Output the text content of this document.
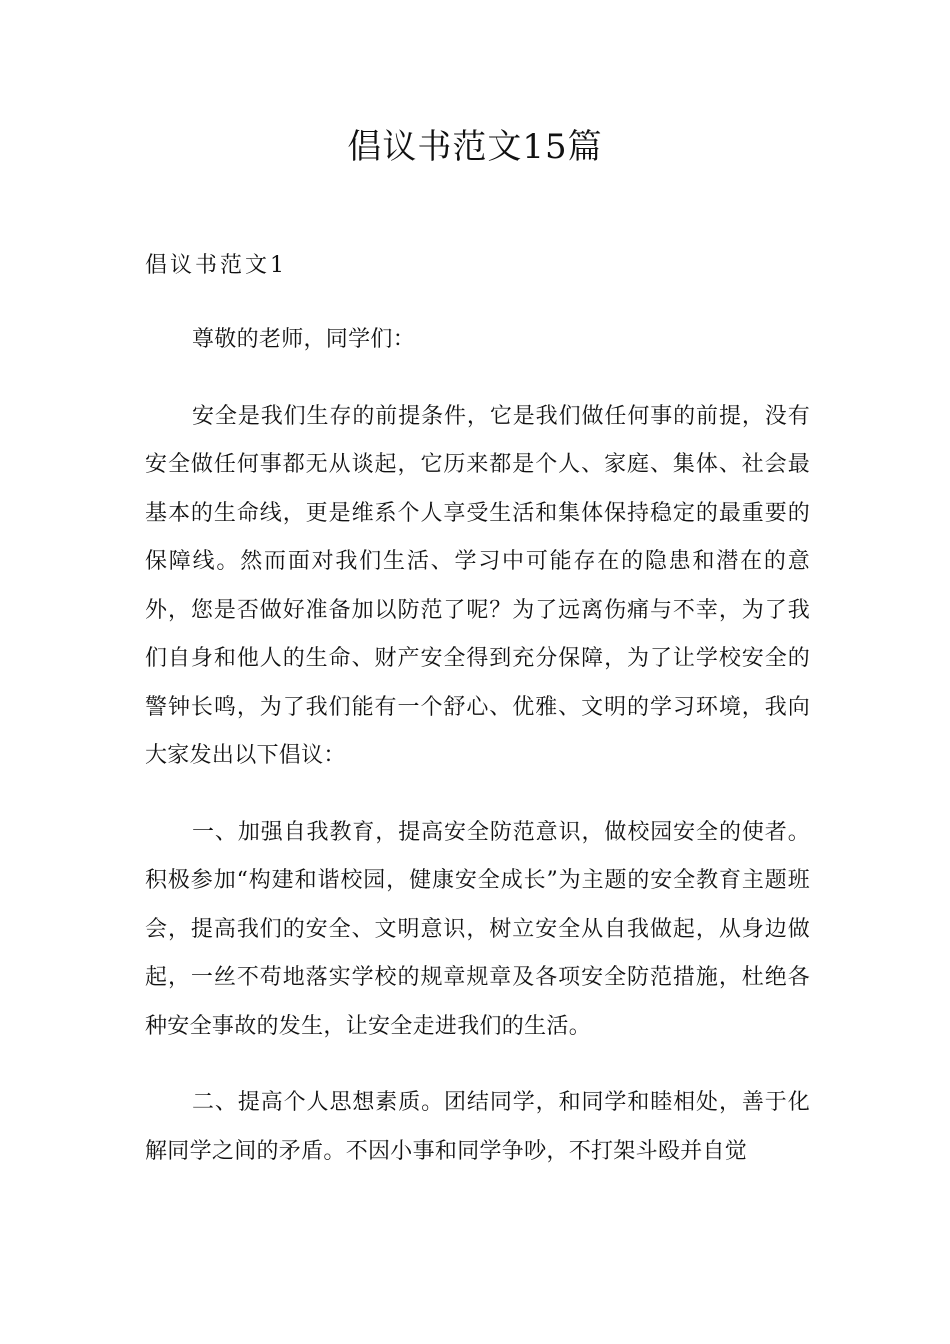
倡议书范文15篇
倡议书范文1

尊敬的老师，同学们：

安全是我们生存的前提条件，它是我们做任何事的前提，没有安全做任何事都无从谈起，它历来都是个人、家庭、集体、社会最基本的生命线，更是维系个人享受生活和集体保持稳定的最重要的保障线。然而面对我们生活、学习中可能存在的隐患和潜在的意外，您是否做好准备加以防范了呢？为了远离伤痛与不幸，为了我们自身和他人的生命、财产安全得到充分保障，为了让学校安全的警钟长鸣，为了我们能有一个舒心、优雅、文明的学习环境，我向大家发出以下倡议：

一、加强自我教育，提高安全防范意识，做校园安全的使者。积极参加“构建和谐校园，健康安全成长”为主题的安全教育主题班会，提高我们的安全、文明意识，树立安全从自我做起，从身边做起，一丝不苟地落实学校的规章规章及各项安全防范措施，杜绝各种安全事故的发生，让安全走进我们的生活。

二、提高个人思想素质。团结同学，和同学和睦相处，善于化解同学之间的矛盾。不因小事和同学争吵，不打架斗殴并自觉
